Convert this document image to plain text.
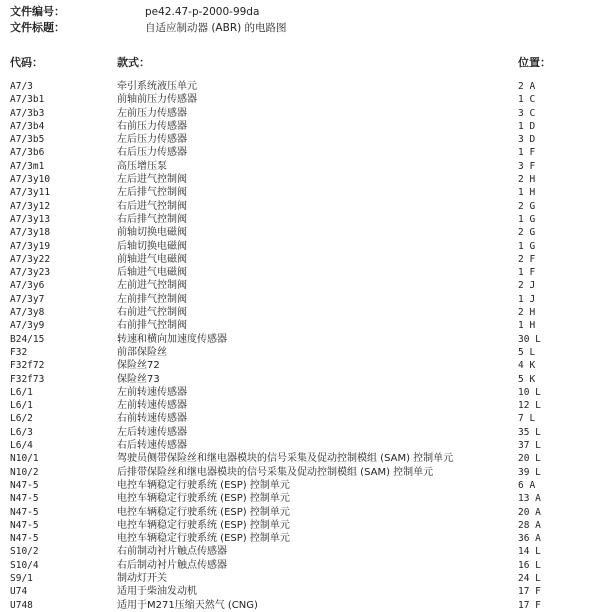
文件编号：	pe42.47-p-2000-99da
文件标题：	自适应制动器 (ABR) 的电路图
代码：	款式：	位置：
A7/3	牵引系统液压单元	2 A
A7/3b1	前轴前压力传感器	1 C
A7/3b3	左前压力传感器	3 C
A7/3b4	右前压力传感器	1 D
A7/3b5	左后压力传感器	3 D
A7/3b6	右后压力传感器	1 F
A7/3m1	高压增压泵	3 F
A7/3y10	左后进气控制阀	2 H
A7/3y11	左后排气控制阀	1 H
A7/3y12	右后进气控制阀	2 G
A7/3y13	右后排气控制阀	1 G
A7/3y18	前轴切换电磁阀	2 G
A7/3y19	后轴切换电磁阀	1 G
A7/3y22	前轴进气电磁阀	2 F
A7/3y23	后轴进气电磁阀	1 F
A7/3y6	左前进气控制阀	2 J
A7/3y7	左前排气控制阀	1 J
A7/3y8	右前进气控制阀	2 H
A7/3y9	右前排气控制阀	1 H
B24/15	转速和横向加速度传感器	30 L
F32	前部保险丝	5 L
F32f72	保险丝72	4 K
F32f73	保险丝73	5 K
L6/1	左前转速传感器	10 L
L6/1	左前转速传感器	12 L
L6/2	右前转速传感器	7 L
L6/3	左后转速传感器	35 L
L6/4	右后转速传感器	37 L
N10/1	驾驶员侧带保险丝和继电器模块的信号采集及促动控制模组 (SAM) 控制单元	20 L
N10/2	后排带保险丝和继电器模块的信号采集及促动控制模组 (SAM) 控制单元	39 L
N47-5	电控车辆稳定行驶系统 (ESP) 控制单元	6 A
N47-5	电控车辆稳定行驶系统 (ESP) 控制单元	13 A
N47-5	电控车辆稳定行驶系统 (ESP) 控制单元	20 A
N47-5	电控车辆稳定行驶系统 (ESP) 控制单元	28 A
N47-5	电控车辆稳定行驶系统 (ESP) 控制单元	36 A
S10/2	右前制动衬片触点传感器	14 L
S10/4	右后制动衬片触点传感器	16 L
S9/1	制动灯开关	24 L
U74	适用于柴油发动机	17 F
U748	适用于M271压缩天然气 (CNG)	17 F
